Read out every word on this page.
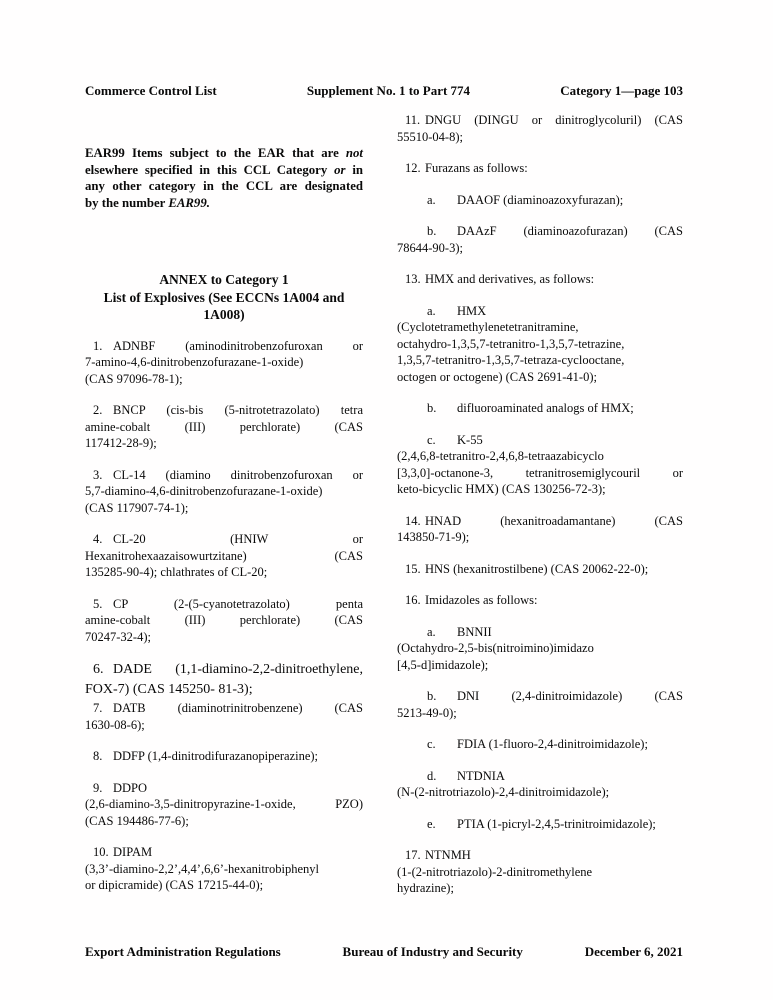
Commerce Control List	Supplement No. 1 to Part 774	Category 1—page 103
EAR99 Items subject to the EAR that are not
elsewhere specified in this CCL Category or in
any other category in the CCL are designated
by the number EAR99.
ANNEX to Category 1
List of Explosives (See ECCNs 1A004 and
1A008)
1. ADNBF (aminodinitrobenzofuroxan or
7-amino-4,6-dinitrobenzofurazane-1-oxide)
(CAS 97096-78-1);
2. BNCP (cis-bis (5-nitrotetrazolato) tetra
amine-cobalt (III) perchlorate) (CAS
117412-28-9);
3. CL-14 (diamino dinitrobenzofuroxan or
5,7-diamino-4,6-dinitrobenzofurazane-1-oxide)
(CAS 117907-74-1);
4. CL-20 (HNIW or
Hexanitrohexaazaisowurtzitane) (CAS
135285-90-4); chlathrates of CL-20;
5. CP (2-(5-cyanotetrazolato) penta
amine-cobalt (III) perchlorate) (CAS
70247-32-4);
6. DADE (1,1-diamino-2,2-dinitroethylene,
FOX-7) (CAS 145250- 81-3);
7. DATB (diaminotrinitrobenzene) (CAS
1630-08-6);
8. DDFP (1,4-dinitrodifurazanopiperazine);
9. DDPO
(2,6-diamino-3,5-dinitropyrazine-1-oxide, PZO)
(CAS 194486-77-6);
10. DIPAM
(3,3’-diamino-2,2’,4,4’,6,6’-hexanitrobiphenyl
or dipicramide) (CAS 17215-44-0);
11. DNGU (DINGU or dinitroglycoluril) (CAS
55510-04-8);
12. Furazans as follows:
a. DAAOF (diaminoazoxyfurazan);
b. DAAzF (diaminoazofurazan) (CAS
78644-90-3);
13. HMX and derivatives, as follows:
a. HMX
(Cyclotetramethylenetetranitramine,
octahydro-1,3,5,7-tetranitro-1,3,5,7-tetrazine,
1,3,5,7-tetranitro-1,3,5,7-tetraza-cyclooctane,
octogen or octogene) (CAS 2691-41-0);
b. difluoroaminated analogs of HMX;
c. K-55
(2,4,6,8-tetranitro-2,4,6,8-tetraazabicyclo
[3,3,0]-octanone-3, tetranitrosemiglycouril or
keto-bicyclic HMX) (CAS 130256-72-3);
14. HNAD (hexanitroadamantane) (CAS
143850-71-9);
15. HNS (hexanitrostilbene) (CAS 20062-22-0);
16. Imidazoles as follows:
a. BNNII
(Octahydro-2,5-bis(nitroimino)imidazo
[4,5-d]imidazole);
b. DNI (2,4-dinitroimidazole) (CAS
5213-49-0);
c. FDIA (1-fluoro-2,4-dinitroimidazole);
d. NTDNIA
(N-(2-nitrotriazolo)-2,4-dinitroimidazole);
e. PTIA (1-picryl-2,4,5-trinitroimidazole);
17. NTNMH
(1-(2-nitrotriazolo)-2-dinitromethylene
hydrazine);
Export Administration Regulations	Bureau of Industry and Security	December 6, 2021
